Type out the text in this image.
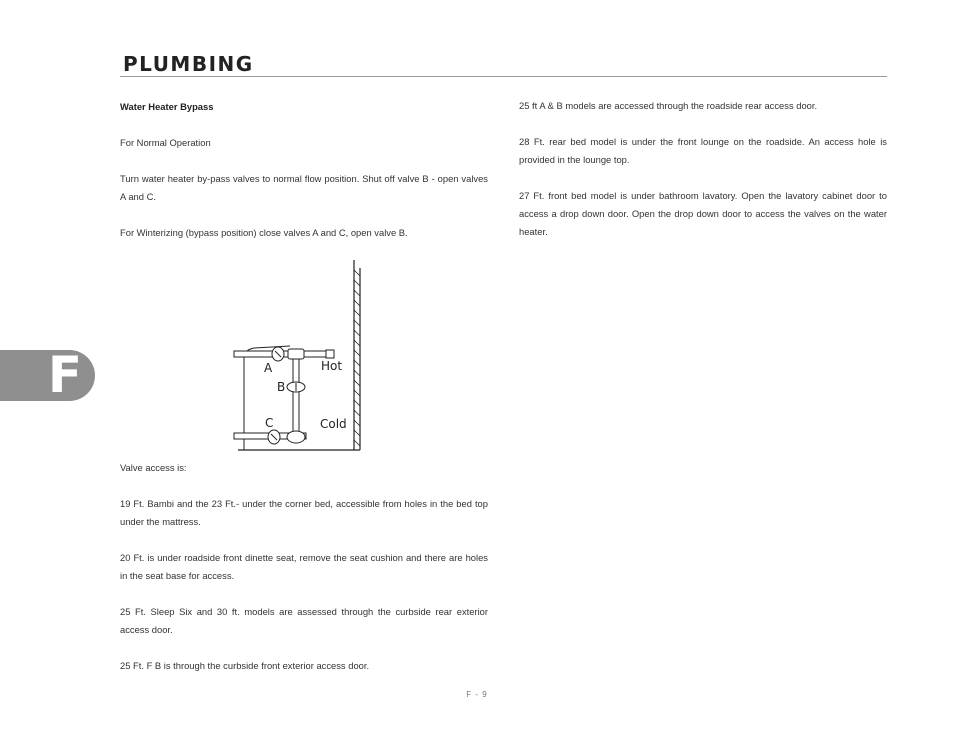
PLUMBING

Water Heater Bypass

For Normal Operation

Turn water heater by-pass valves to normal flow position. Shut off valve B - open valves A and C.

For Winterizing (bypass position) close valves A and C, open valve B.

A
B
C
Hot
Cold

Valve access is:

19 Ft. Bambi and the 23 Ft.- under the corner bed, accessible from holes in the bed top under the mattress.

20 Ft. is under roadside front dinette seat, remove the seat cushion and there are holes in the seat base for access.

25 Ft. Sleep Six and 30 ft. models are assessed through the curbside rear exterior access door.

25 Ft. F B is through the curbside front exterior access door.

25 ft A & B models are accessed through the roadside rear access door.

28 Ft. rear bed model is under the front lounge on the roadside. An access hole is provided in the lounge top.

27 Ft. front bed model is under bathroom lavatory. Open the lavatory cabinet door to access a drop down door. Open the drop down door to access the valves on the water heater.

F
F - 9
